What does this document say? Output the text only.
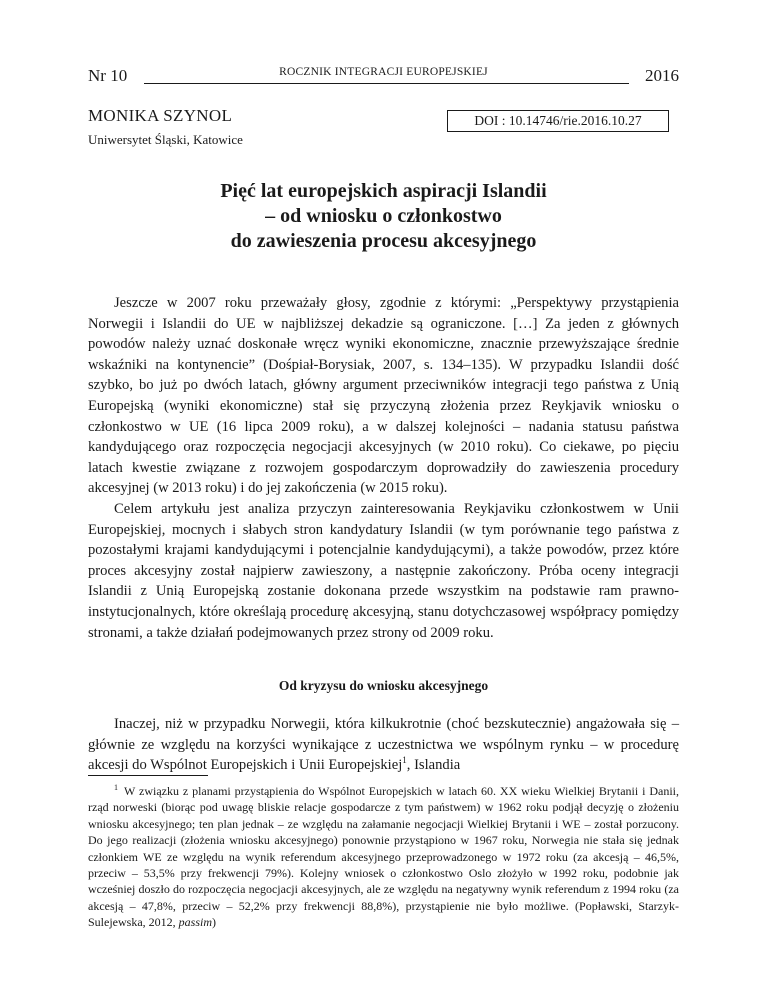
Nr 10	ROCZNIK INTEGRACJI EUROPEJSKIEJ	2016
MONIKA SZYNOL
Uniwersytet Śląski, Katowice
DOI : 10.14746/rie.2016.10.27
Pięć lat europejskich aspiracji Islandii
– od wniosku o członkostwo
do zawieszenia procesu akcesyjnego

Jeszcze w 2007 roku przeważały głosy, zgodnie z którymi: „Perspektywy przystąpienia Norwegii i Islandii do UE w najbliższej dekadzie są ograniczone. […] Za jeden z głównych powodów należy uznać doskonałe wręcz wyniki ekonomiczne, znacznie przewyższające średnie wskaźniki na kontynencie” (Dośpiał-Borysiak, 2007, s. 134–135). W przypadku Islandii dość szybko, bo już po dwóch latach, główny argument przeciwników integracji tego państwa z Unią Europejską (wyniki ekonomiczne) stał się przyczyną złożenia przez Reykjavik wniosku o członkostwo w UE (16 lipca 2009 roku), a w dalszej kolejności – nadania statusu państwa kandydującego oraz rozpoczęcia negocjacji akcesyjnych (w 2010 roku). Co ciekawe, po pięciu latach kwestie związane z rozwojem gospodarczym doprowadziły do zawieszenia procedury akcesyjnej (w 2013 roku) i do jej zakończenia (w 2015 roku).

Celem artykułu jest analiza przyczyn zainteresowania Reykjaviku członkostwem w Unii Europejskiej, mocnych i słabych stron kandydatury Islandii (w tym porównanie tego państwa z pozostałymi krajami kandydującymi i potencjalnie kandydującymi), a także powodów, przez które proces akcesyjny został najpierw zawieszony, a następnie zakończony. Próba oceny integracji Islandii z Unią Europejską zostanie dokonana przede wszystkim na podstawie ram prawno-instytucjonalnych, które określają procedurę akcesyjną, stanu dotychczasowej współpracy pomiędzy stronami, a także działań podejmowanych przez strony od 2009 roku.

Od kryzysu do wniosku akcesyjnego

Inaczej, niż w przypadku Norwegii, która kilkukrotnie (choć bezskutecznie) angażowała się – głównie ze względu na korzyści wynikające z uczestnictwa we wspólnym rynku – w procedurę akcesji do Wspólnot Europejskich i Unii Europejskiej$^1$, Islandia

$^1$ W związku z planami przystąpienia do Wspólnot Europejskich w latach 60. XX wieku Wielkiej Brytanii i Danii, rząd norweski (biorąc pod uwagę bliskie relacje gospodarcze z tym państwem) w 1962 roku podjął decyzję o złożeniu wniosku akcesyjnego; ten plan jednak – ze względu na załamanie negocjacji Wielkiej Brytanii i WE – został porzucony. Do jego realizacji (złożenia wniosku akcesyjnego) ponownie przystąpiono w 1967 roku, Norwegia nie stała się jednak członkiem WE ze względu na wynik referendum akcesyjnego przeprowadzonego w 1972 roku (za akcesją – 46,5%, przeciw – 53,5% przy frekwencji 79%). Kolejny wniosek o członkostwo Oslo złożyło w 1992 roku, podobnie jak wcześniej doszło do rozpoczęcia negocjacji akcesyjnych, ale ze względu na negatywny wynik referendum z 1994 roku (za akcesją – 47,8%, przeciw – 52,2% przy frekwencji 88,8%), przystąpienie nie było możliwe. (Popławski, Starzyk-Sulejewska, 2012, passim)
